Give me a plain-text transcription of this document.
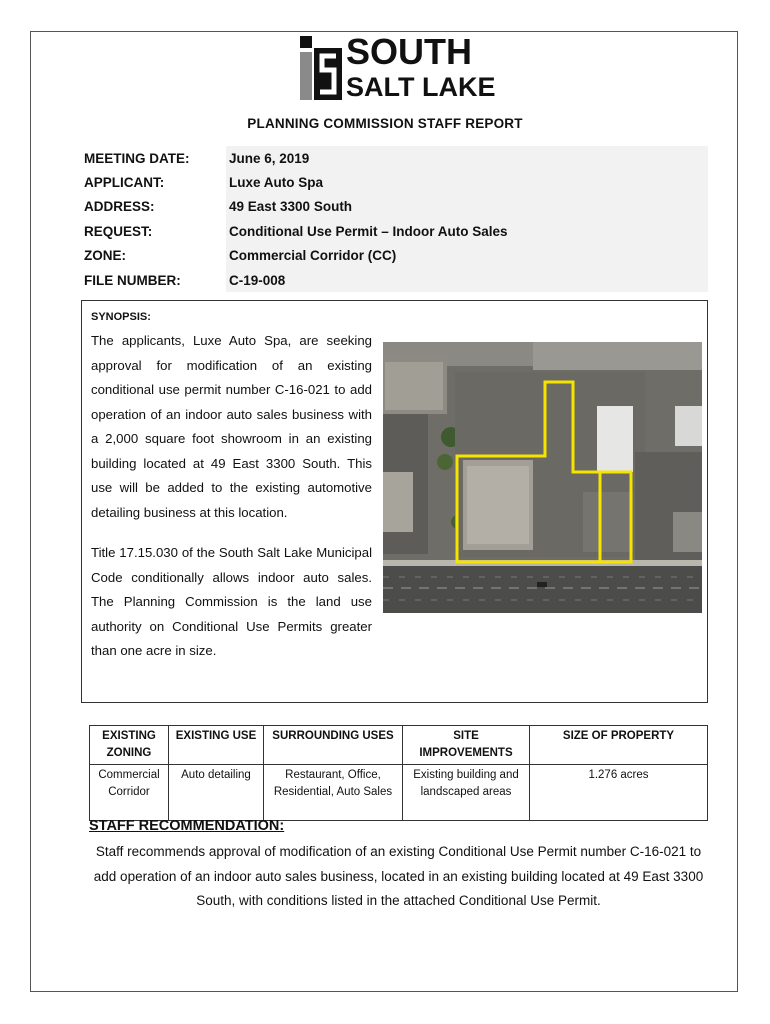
SOUTH
SALT LAKE
PLANNING COMMISSION STAFF REPORT
MEETING DATE:	June 6, 2019
APPLICANT:	Luxe Auto Spa
ADDRESS:	49 East 3300 South
REQUEST:	Conditional Use Permit – Indoor Auto Sales
ZONE:	Commercial Corridor (CC)
FILE NUMBER:	C-19-008
SYNOPSIS:

The applicants, Luxe Auto Spa, are seeking approval for modification of an existing conditional use permit number C-16-021 to add operation of an indoor auto sales business with a 2,000 square foot showroom in an existing building located at 49 East 3300 South. This use will be added to the existing automotive detailing business at this location.

Title 17.15.030 of the South Salt Lake Municipal Code conditionally allows indoor auto sales. The Planning Commission is the land use authority on Conditional Use Permits greater than one acre in size.

EXISTING ZONING	EXISTING USE	SURROUNDING USES	SITE IMPROVEMENTS	SIZE OF PROPERTY
Commercial Corridor	Auto detailing	Restaurant, Office, Residential, Auto Sales	Existing building and landscaped areas	1.276 acres
STAFF RECOMMENDATION:
Staff recommends approval of modification of an existing Conditional Use Permit number C-16-021 to add operation of an indoor auto sales business, located in an existing building located at 49 East 3300 South, with conditions listed in the attached Conditional Use Permit.
